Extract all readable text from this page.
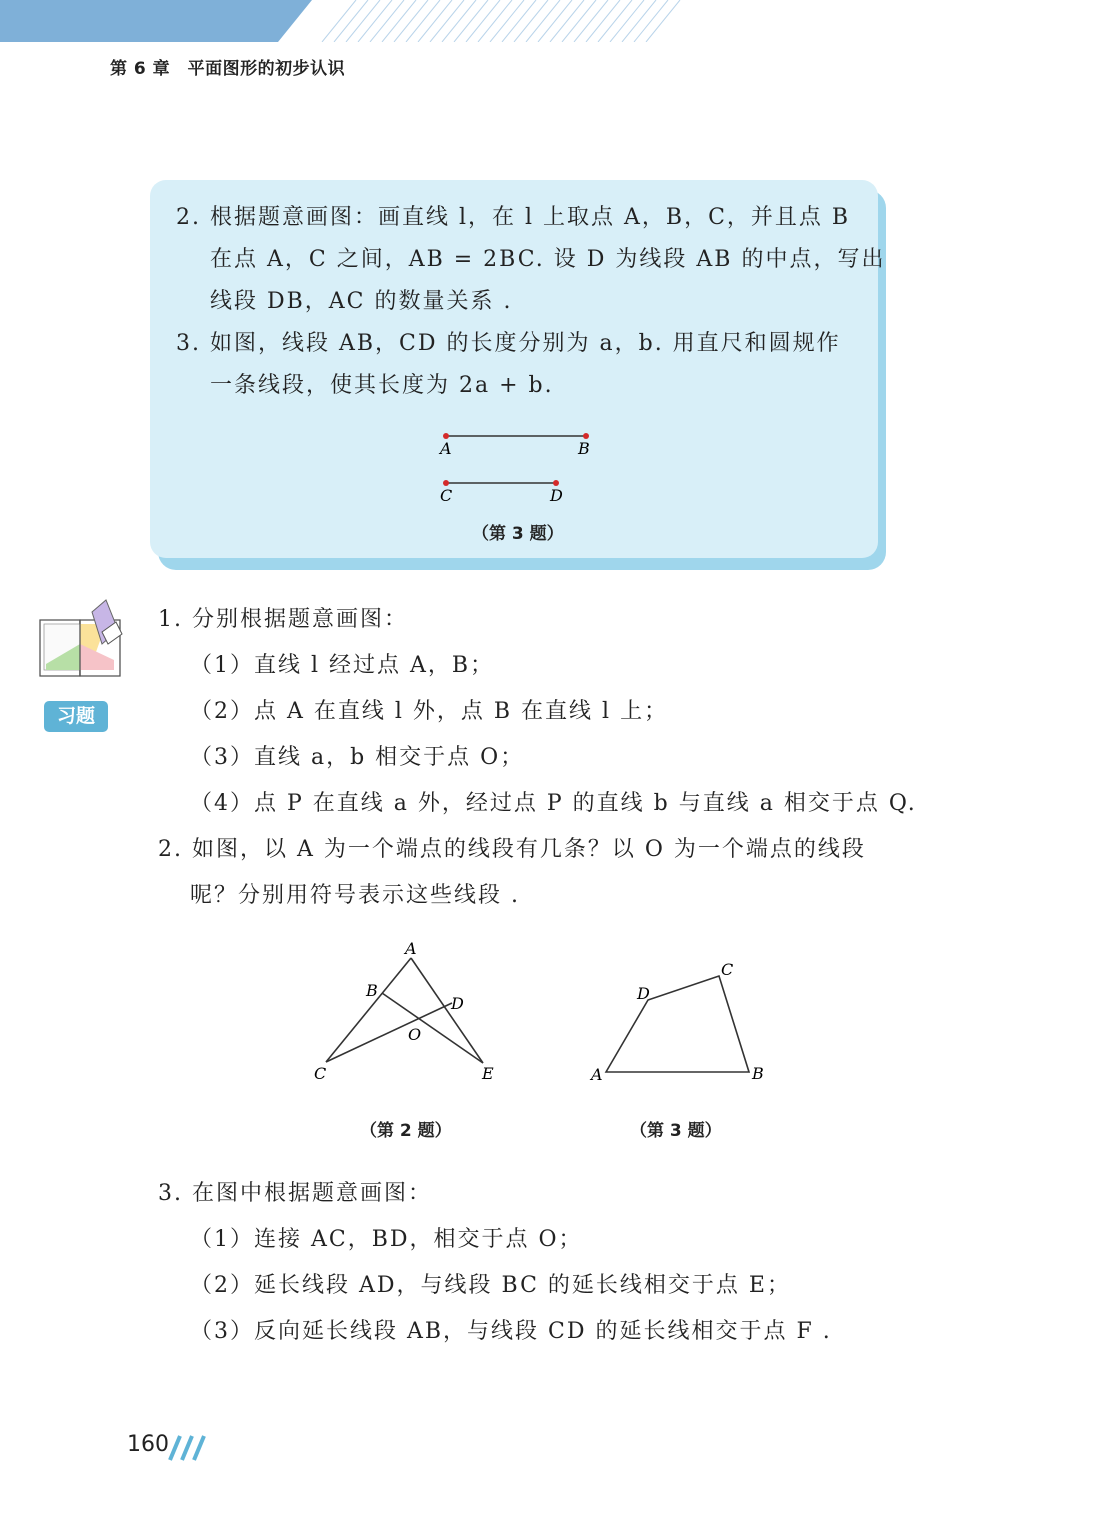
第 6 章　平面图形的初步认识
2. 根据题意画图：画直线 l，在 l 上取点 A，B，C，并且点 B
在点 A，C 之间，AB = 2BC. 设 D 为线段 AB 的中点，写出
线段 DB，AC 的数量关系 .
3. 如图，线段 AB，CD 的长度分别为 a，b. 用直尺和圆规作
一条线段，使其长度为 2a + b.
A	B
C	D
（第 3 题）
习题
1. 分别根据题意画图：
（1）直线 l 经过点 A，B；
（2）点 A 在直线 l 外，点 B 在直线 l 上；
（3）直线 a，b 相交于点 O；
（4）点 P 在直线 a 外，经过点 P 的直线 b 与直线 a 相交于点 Q.
2. 如图，以 A 为一个端点的线段有几条？以 O 为一个端点的线段
呢？分别用符号表示这些线段 .
A
B
C
D
E
O
A	B
C
D
（第 2 题）	（第 3 题）
3. 在图中根据题意画图：
（1）连接 AC，BD，相交于点 O；
（2）延长线段 AD，与线段 BC 的延长线相交于点 E；
（3）反向延长线段 AB，与线段 CD 的延长线相交于点 F .
160
